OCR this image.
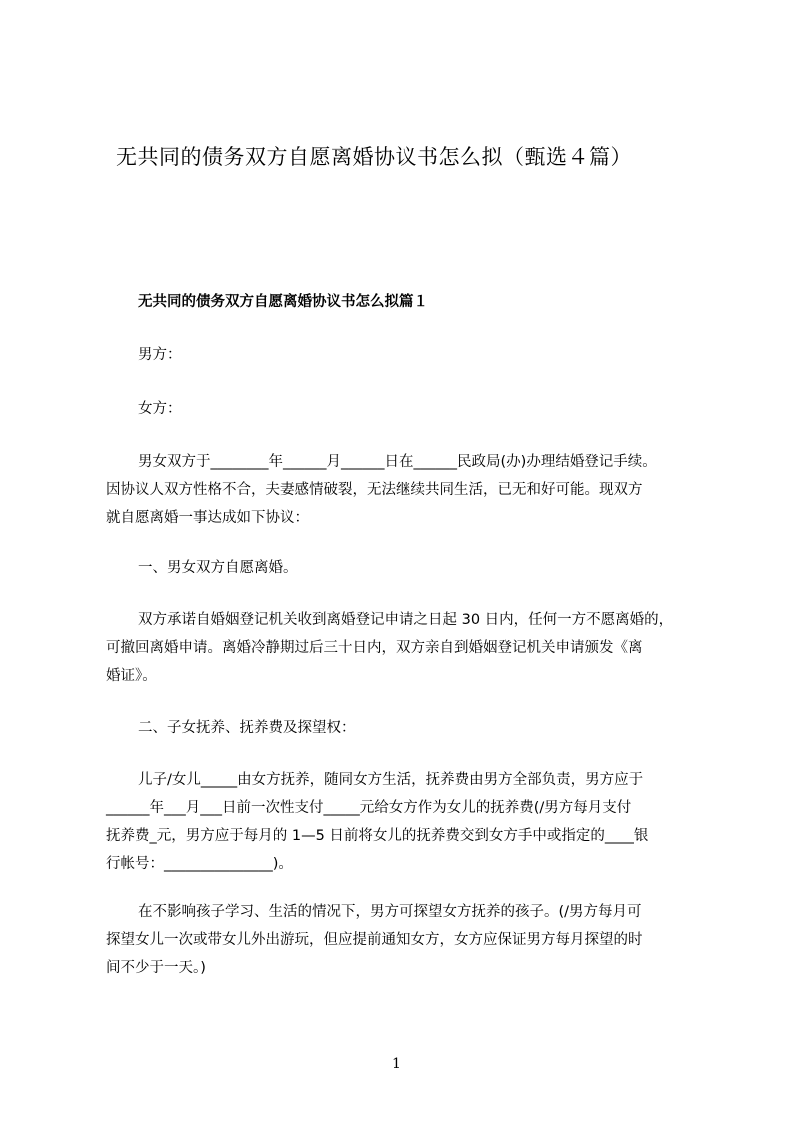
无共同的债务双方自愿离婚协议书怎么拟（甄选４篇）
无共同的债务双方自愿离婚协议书怎么拟篇１
男方：
女方：
男女双方于________年______月______日在______民政局(办)办理结婚登记手续。
因协议人双方性格不合，夫妻感情破裂，无法继续共同生活，已无和好可能。现双方
就自愿离婚一事达成如下协议：
一、男女双方自愿离婚。
双方承诺自婚姻登记机关收到离婚登记申请之日起 30 日内，任何一方不愿离婚的，
可撤回离婚申请。离婚冷静期过后三十日内，双方亲自到婚姻登记机关申请颁发《离
婚证》。
二、子女抚养、抚养费及探望权：
儿子/女儿_____由女方抚养，随同女方生活，抚养费由男方全部负责，男方应于
______年___月___日前一次性支付_____元给女方作为女儿的抚养费(/男方每月支付
抚养费_元，男方应于每月的 1—5 日前将女儿的抚养费交到女方手中或指定的____银
行帐号：_______________)。
在不影响孩子学习、生活的情况下，男方可探望女方抚养的孩子。(/男方每月可
探望女儿一次或带女儿外出游玩，但应提前通知女方，女方应保证男方每月探望的时
间不少于一天。)
1
